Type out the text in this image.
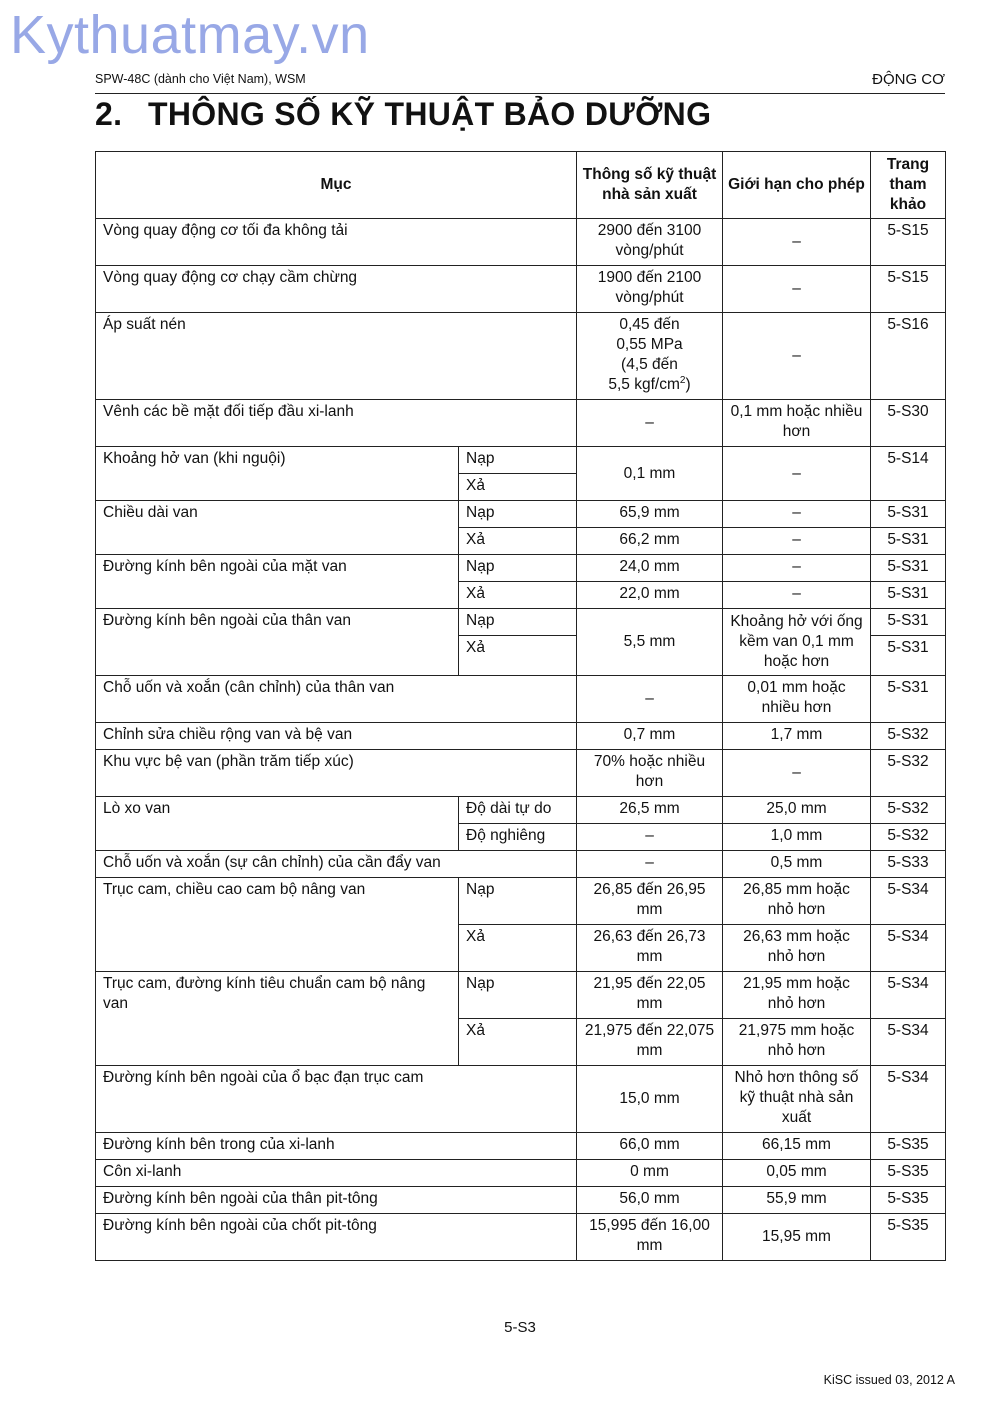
Kythuatmay.vn
SPW-48C (dành cho Việt Nam), WSM	ĐỘNG CƠ
2. THÔNG SỐ KỸ THUẬT BẢO DƯỠNG
Mục		Thông số kỹ thuật nhà sản xuất	Giới hạn cho phép	Trang tham khảo
Vòng quay động cơ tối đa không tải		2900 đến 3100 vòng/phút	–	5-S15
Vòng quay động cơ chạy cầm chừng		1900 đến 2100 vòng/phút	–	5-S15
Áp suất nén		0,45 đến
0,55 MPa
(4,5 đến
5,5 kgf/$cm^2$)	–	5-S16
Vênh các bề mặt đối tiếp đầu xi-lanh		–	0,1 mm hoặc nhiều hơn	5-S30
Khoảng hở van (khi nguội)	Nạp	0,1 mm	–	5-S14
	Xả			
Chiều dài van	Nạp	65,9 mm	–	5-S31
	Xả	66,2 mm	–	5-S31
Đường kính bên ngoài của mặt van	Nạp	24,0 mm	–	5-S31
	Xả	22,0 mm	–	5-S31
Đường kính bên ngoài của thân van	Nạp	5,5 mm	Khoảng hở với ống kềm van 0,1 mm hoặc hơn	5-S31
	Xả			5-S31
Chỗ uốn và xoắn (cân chỉnh) của thân van		–	0,01 mm hoặc nhiều hơn	5-S31
Chỉnh sửa chiều rộng van và bệ van		0,7 mm	1,7 mm	5-S32
Khu vực bệ van (phần trăm tiếp xúc)		70% hoặc nhiều hơn	–	5-S32
Lò xo van	Độ dài tự do	26,5 mm	25,0 mm	5-S32
	Độ nghiêng	–	1,0 mm	5-S32
Chỗ uốn và xoắn (sự cân chỉnh) của cần đẩy van		–	0,5 mm	5-S33
Trục cam, chiều cao cam bộ nâng van	Nạp	26,85 đến 26,95 mm	26,85 mm hoặc nhỏ hơn	5-S34
	Xả	26,63 đến 26,73 mm	26,63 mm hoặc nhỏ hơn	5-S34
Trục cam, đường kính tiêu chuẩn cam bộ nâng van	Nạp	21,95 đến 22,05 mm	21,95 mm hoặc nhỏ hơn	5-S34
	Xả	21,975 đến 22,075 mm	21,975 mm hoặc nhỏ hơn	5-S34
Đường kính bên ngoài của ổ bạc đạn trục cam		15,0 mm	Nhỏ hơn thông số kỹ thuật nhà sản xuất	5-S34
Đường kính bên trong của xi-lanh		66,0 mm	66,15 mm	5-S35
Côn xi-lanh		0 mm	0,05 mm	5-S35
Đường kính bên ngoài của thân pit-tông		56,0 mm	55,9 mm	5-S35
Đường kính bên ngoài của chốt pit-tông		15,995 đến 16,00 mm	15,95 mm	5-S35
5-S3
KiSC issued 03, 2012 A
